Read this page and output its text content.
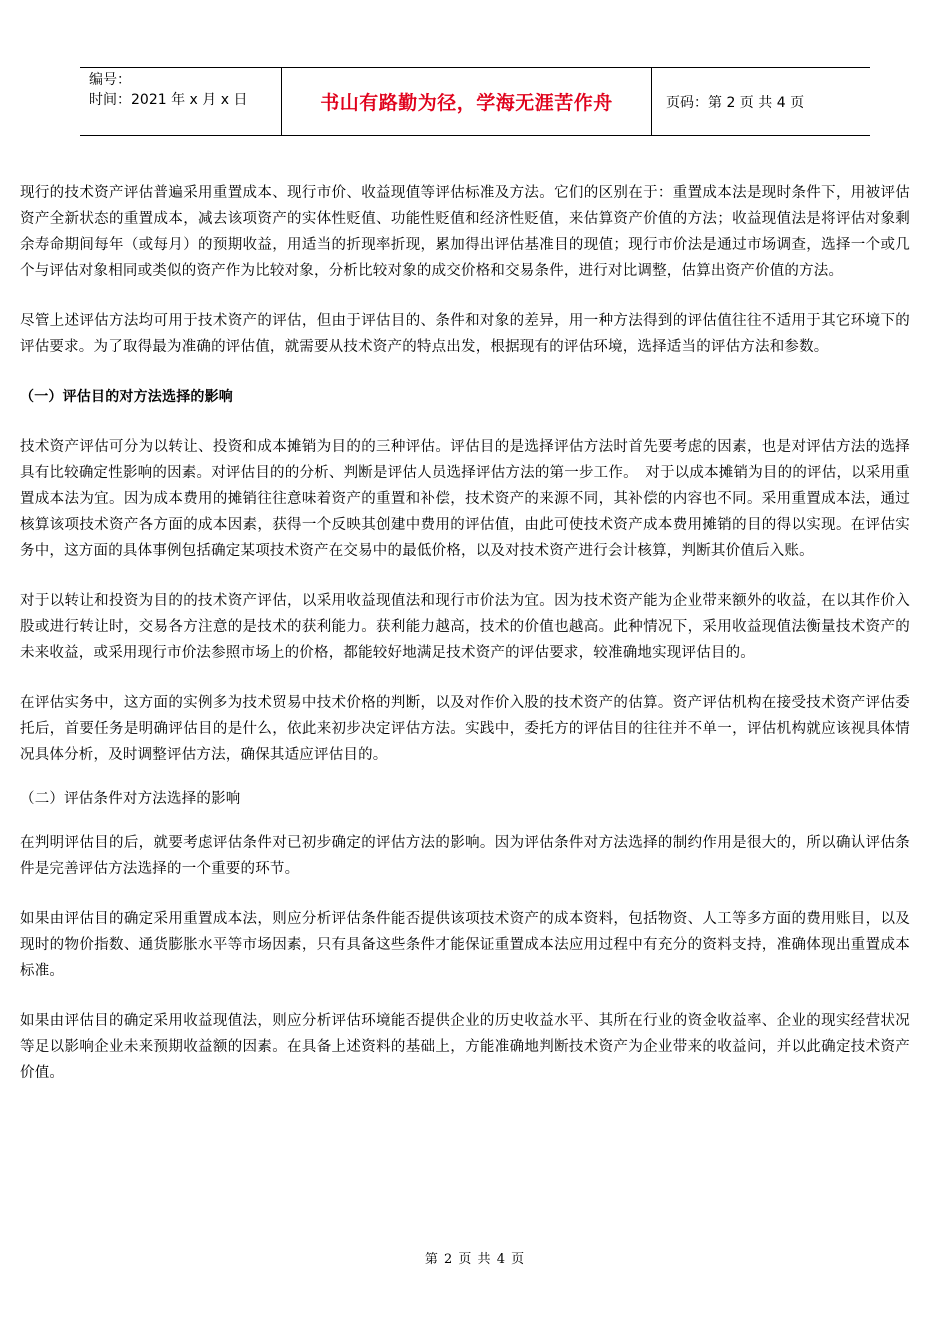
编号：
时间：2021 年 x 月 x 日	书山有路勤为径，学海无涯苦作舟	页码：第 2 页 共 4 页

现行的技术资产评估普遍采用重置成本、现行市价、收益现值等评估标准及方法。它们的区别在于：重置成本法是现时条件下，用被评估资产全新状态的重置成本，减去该项资产的实体性贬值、功能性贬值和经济性贬值，来估算资产价值的方法；收益现值法是将评估对象剩余寿命期间每年（或每月）的预期收益，用适当的折现率折现，累加得出评估基准目的现值；现行市价法是通过市场调查，选择一个或几个与评估对象相同或类似的资产作为比较对象，分析比较对象的成交价格和交易条件，进行对比调整，估算出资产价值的方法。

尽管上述评估方法均可用于技术资产的评估，但由于评估目的、条件和对象的差异，用一种方法得到的评估值往往不适用于其它环境下的评估要求。为了取得最为准确的评估值，就需要从技术资产的特点出发，根据现有的评估环境，选择适当的评估方法和参数。

（一）评估目的对方法选择的影响

技术资产评估可分为以转让、投资和成本摊销为目的的三种评估。评估目的是选择评估方法时首先要考虑的因素，也是对评估方法的选择具有比较确定性影响的因素。对评估目的的分析、判断是评估人员选择评估方法的第一步工作。　对于以成本摊销为目的的评估，以采用重置成本法为宜。因为成本费用的摊销往往意味着资产的重置和补偿，技术资产的来源不同，其补偿的内容也不同。采用重置成本法，通过核算该项技术资产各方面的成本因素，获得一个反映其创建中费用的评估值，由此可使技术资产成本费用摊销的目的得以实现。在评估实务中，这方面的具体事例包括确定某项技术资产在交易中的最低价格，以及对技术资产进行会计核算，判断其价值后入账。

对于以转让和投资为目的的技术资产评估，以采用收益现值法和现行市价法为宜。因为技术资产能为企业带来额外的收益，在以其作价入股或进行转让时，交易各方注意的是技术的获利能力。获利能力越高，技术的价值也越高。此种情况下，采用收益现值法衡量技术资产的未来收益，或采用现行市价法参照市场上的价格，都能较好地满足技术资产的评估要求，较准确地实现评估目的。

在评估实务中，这方面的实例多为技术贸易中技术价格的判断，以及对作价入股的技术资产的估算。资产评估机构在接受技术资产评估委托后，首要任务是明确评估目的是什么，依此来初步决定评估方法。实践中，委托方的评估目的往往并不单一，评估机构就应该视具体情况具体分析，及时调整评估方法，确保其适应评估目的。

（二）评估条件对方法选择的影响

在判明评估目的后，就要考虑评估条件对已初步确定的评估方法的影响。因为评估条件对方法选择的制约作用是很大的，所以确认评估条件是完善评估方法选择的一个重要的环节。

如果由评估目的确定采用重置成本法，则应分析评估条件能否提供该项技术资产的成本资料，包括物资、人工等多方面的费用账目，以及现时的物价指数、通货膨胀水平等市场因素，只有具备这些条件才能保证重置成本法应用过程中有充分的资料支持，准确体现出重置成本标准。

如果由评估目的确定采用收益现值法，则应分析评估环境能否提供企业的历史收益水平、其所在行业的资金收益率、企业的现实经营状况等足以影响企业未来预期收益额的因素。在具备上述资料的基础上，方能准确地判断技术资产为企业带来的收益问，并以此确定技术资产价值。

第 2 页 共 4 页
